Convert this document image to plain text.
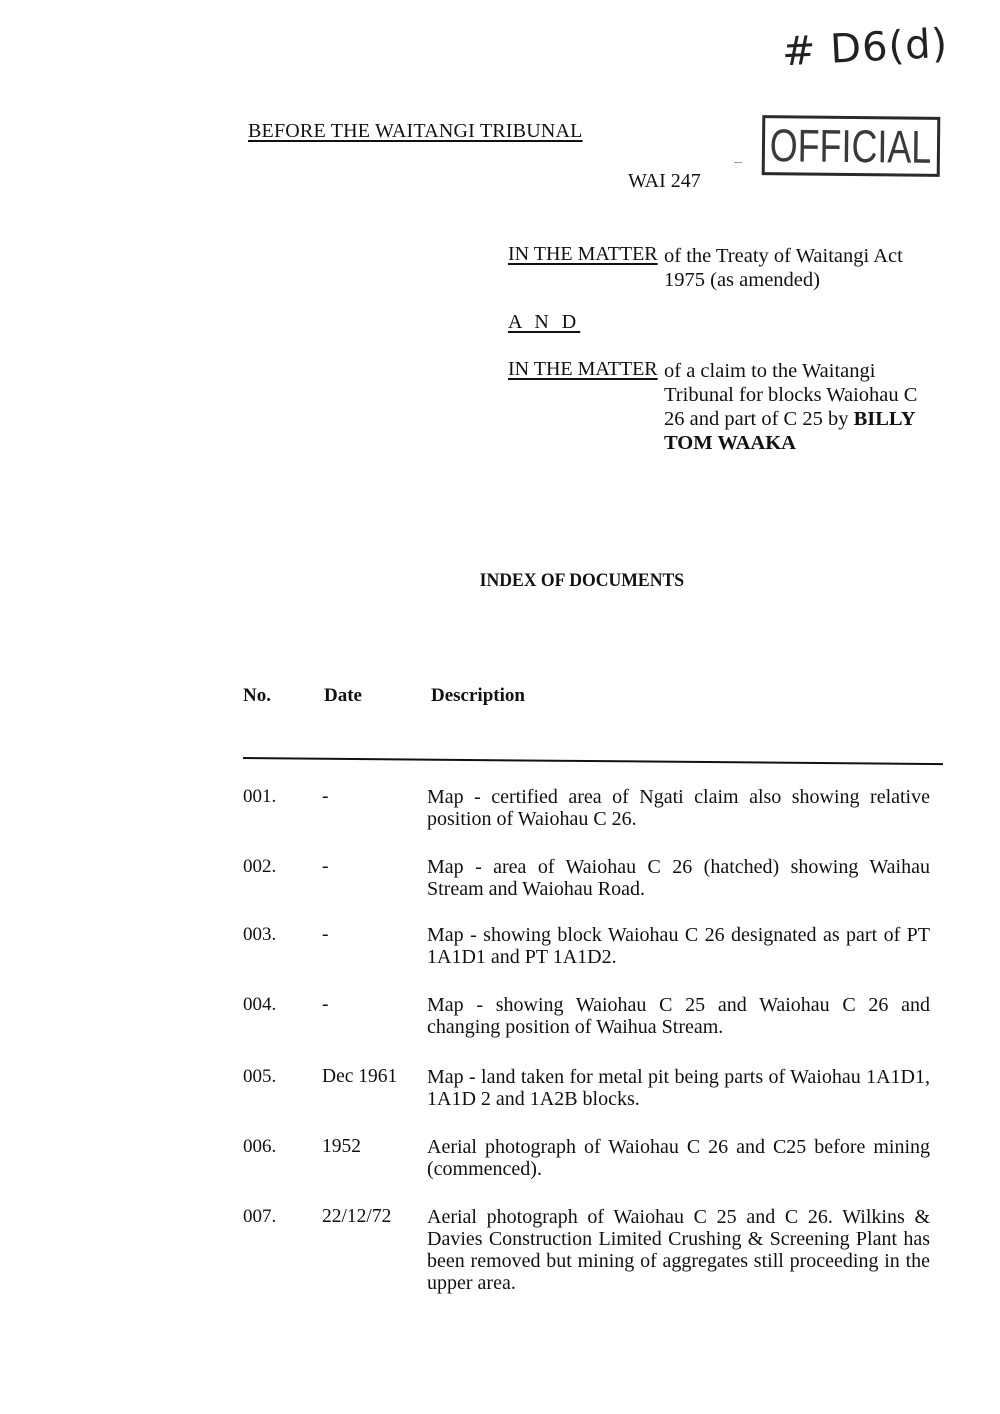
# D6(d)
OFFICIAL
BEFORE THE WAITANGI TRIBUNAL
WAI 247
IN THE MATTER of the Treaty of Waitangi Act 1975 (as amended)
A N D
IN THE MATTER of a claim to the Waitangi Tribunal for blocks Waiohau C 26 and part of C 25 by BILLY TOM WAAKA
INDEX OF DOCUMENTS
No.	Date	Description
001. -	Map - certified area of Ngati claim also showing relative position of Waiohau C 26.
002. -	Map - area of Waiohau C 26 (hatched) showing Waihau Stream and Waiohau Road.
003. -	Map - showing block Waiohau C 26 designated as part of PT 1A1D1 and PT 1A1D2.
004. -	Map - showing Waiohau C 25 and Waiohau C 26 and changing position of Waihua Stream.
005. Dec 1961 Map - land taken for metal pit being parts of Waiohau 1A1D1, 1A1D 2 and 1A2B blocks.
006. 1952	Aerial photograph of Waiohau C 26 and C25 before mining (commenced).
007. 22/12/72 Aerial photograph of Waiohau C 25 and C 26. Wilkins & Davies Construction Limited Crushing & Screening Plant has been removed but mining of aggregates still proceeding in the upper area.
